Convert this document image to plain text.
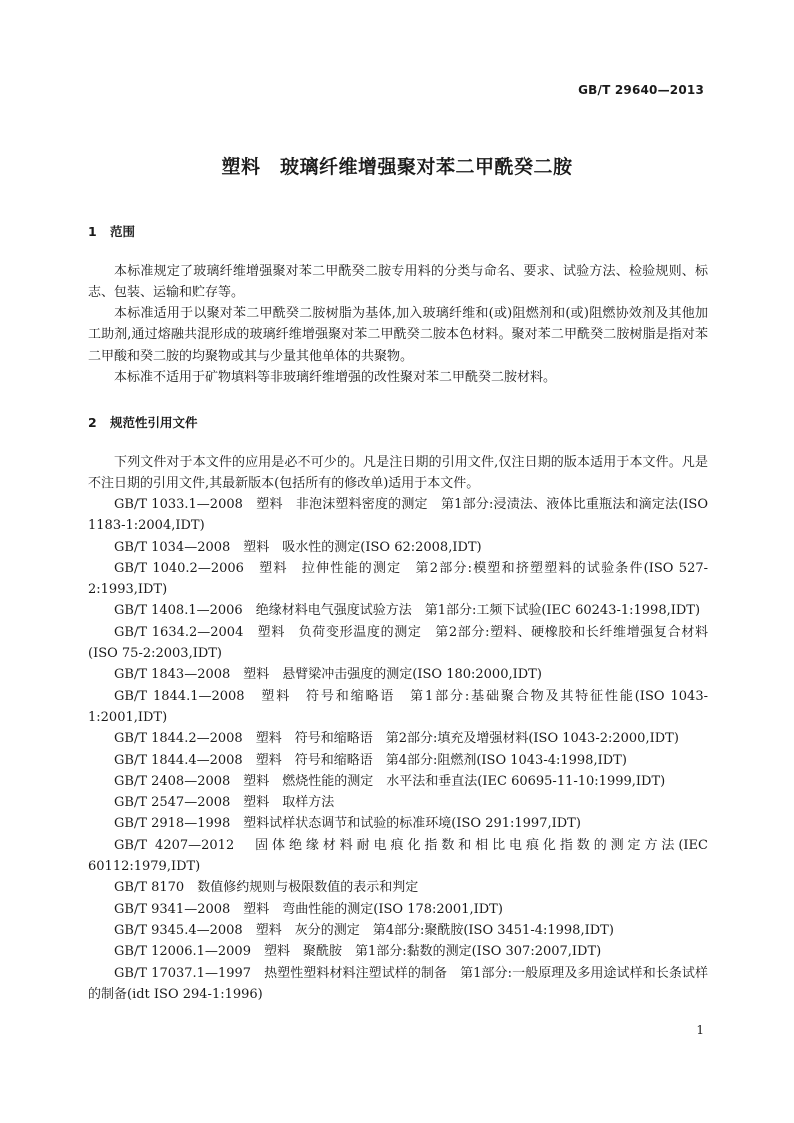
GB/T 29640—2013
塑料　玻璃纤维增强聚对苯二甲酰癸二胺
1 范围
本标准规定了玻璃纤维增强聚对苯二甲酰癸二胺专用料的分类与命名、要求、试验方法、检验规则、标志、包装、运输和贮存等。
本标准适用于以聚对苯二甲酰癸二胺树脂为基体,加入玻璃纤维和(或)阻燃剂和(或)阻燃协效剂及其他加工助剂,通过熔融共混形成的玻璃纤维增强聚对苯二甲酰癸二胺本色材料。聚对苯二甲酰癸二胺树脂是指对苯二甲酸和癸二胺的均聚物或其与少量其他单体的共聚物。
本标准不适用于矿物填料等非玻璃纤维增强的改性聚对苯二甲酰癸二胺材料。
2 规范性引用文件
下列文件对于本文件的应用是必不可少的。凡是注日期的引用文件,仅注日期的版本适用于本文件。凡是不注日期的引用文件,其最新版本(包括所有的修改单)适用于本文件。
GB/T 1033.1—2008　塑料　非泡沫塑料密度的测定　第1部分:浸渍法、液体比重瓶法和滴定法(ISO 1183-1:2004,IDT)
GB/T 1034—2008　塑料　吸水性的测定(ISO 62:2008,IDT)
GB/T 1040.2—2006　塑料　拉伸性能的测定　第2部分:模塑和挤塑塑料的试验条件(ISO 527-2:1993,IDT)
GB/T 1408.1—2006　绝缘材料电气强度试验方法　第1部分:工频下试验(IEC 60243-1:1998,IDT)
GB/T 1634.2—2004　塑料　负荷变形温度的测定　第2部分:塑料、硬橡胶和长纤维增强复合材料(ISO 75-2:2003,IDT)
GB/T 1843—2008　塑料　悬臂梁冲击强度的测定(ISO 180:2000,IDT)
GB/T 1844.1—2008　塑料　符号和缩略语　第1部分:基础聚合物及其特征性能(ISO 1043-1:2001,IDT)
GB/T 1844.2—2008　塑料　符号和缩略语　第2部分:填充及增强材料(ISO 1043-2:2000,IDT)
GB/T 1844.4—2008　塑料　符号和缩略语　第4部分:阻燃剂(ISO 1043-4:1998,IDT)
GB/T 2408—2008　塑料　燃烧性能的测定　水平法和垂直法(IEC 60695-11-10:1999,IDT)
GB/T 2547—2008　塑料　取样方法
GB/T 2918—1998　塑料试样状态调节和试验的标准环境(ISO 291:1997,IDT)
GB/T 4207—2012　固体绝缘材料耐电痕化指数和相比电痕化指数的测定方法(IEC 60112:1979,IDT)
GB/T 8170　数值修约规则与极限数值的表示和判定
GB/T 9341—2008　塑料　弯曲性能的测定(ISO 178:2001,IDT)
GB/T 9345.4—2008　塑料　灰分的测定　第4部分:聚酰胺(ISO 3451-4:1998,IDT)
GB/T 12006.1—2009　塑料　聚酰胺　第1部分:黏数的测定(ISO 307:2007,IDT)
GB/T 17037.1—1997　热塑性塑料材料注塑试样的制备　第1部分:一般原理及多用途试样和长条试样的制备(idt ISO 294-1:1996)
1
